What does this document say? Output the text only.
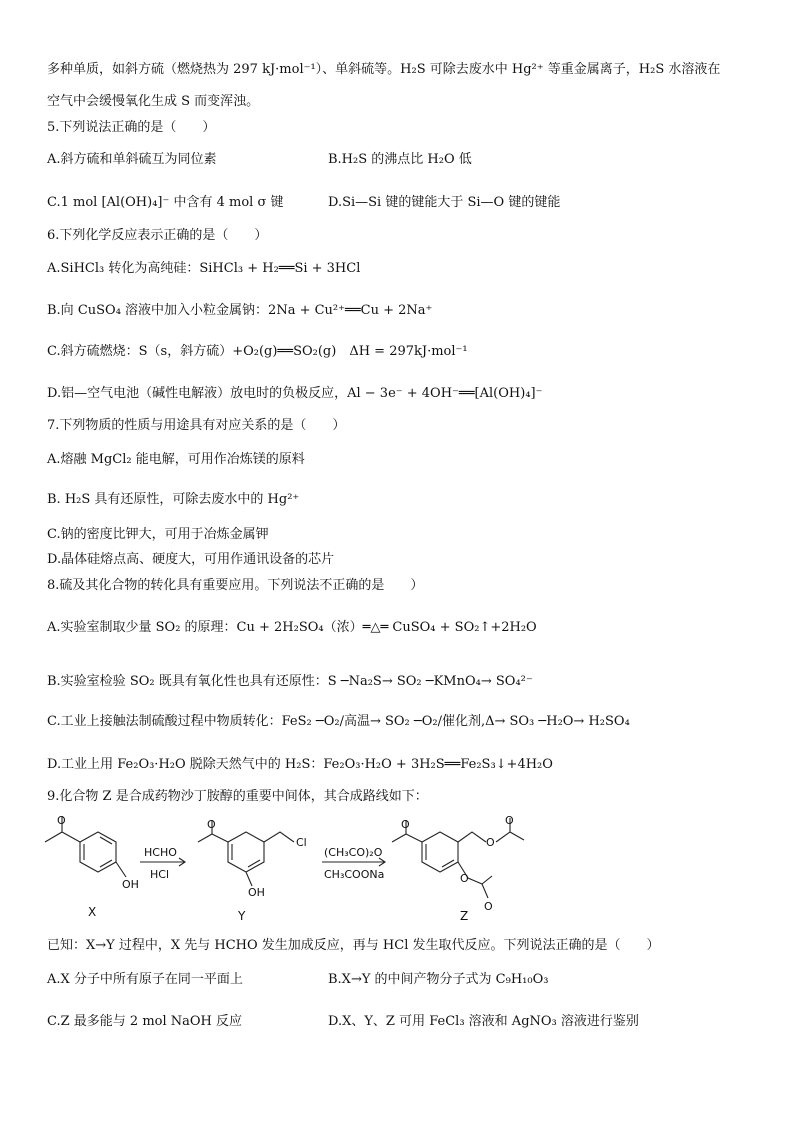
多种单质，如斜方硫（燃烧热为 297 kJ·mol⁻¹）、单斜硫等。H₂S 可除去废水中 Hg²⁺ 等重金属离子，H₂S 水溶液在
空气中会缓慢氧化生成 S 而变浑浊。
5.下列说法正确的是（　　）
A.斜方硫和单斜硫互为同位素	B.H₂S 的沸点比 H₂O 低
C.1 mol [Al(OH)₄]⁻ 中含有 4 mol σ 键	D.Si—Si 键的键能大于 Si—O 键的键能
6.下列化学反应表示正确的是（　　）
A.SiHCl₃ 转化为高纯硅：SiHCl₃ + H₂══Si + 3HCl
B.向 CuSO₄ 溶液中加入小粒金属钠：2Na + Cu²⁺══Cu + 2Na⁺
C.斜方硫燃烧：S（s，斜方硫）+O₂(g)══SO₂(g)　ΔH = 297kJ·mol⁻¹
D.铝—空气电池（碱性电解液）放电时的负极反应，Al − 3e⁻ + 4OH⁻══[Al(OH)₄]⁻
7.下列物质的性质与用途具有对应关系的是（　　）
A.熔融 MgCl₂ 能电解，可用作冶炼镁的原料
B. H₂S 具有还原性，可除去废水中的 Hg²⁺
C.钠的密度比钾大，可用于冶炼金属钾
D.晶体硅熔点高、硬度大，可用作通讯设备的芯片
8.硫及其化合物的转化具有重要应用。下列说法不正确的是　　）
A.实验室制取少量 SO₂ 的原理：Cu + 2H₂SO₄（浓）═△═ CuSO₄ + SO₂↑+2H₂O
B.实验室检验 SO₂ 既具有氧化性也具有还原性：S ─Na₂S→ SO₂ ─KMnO₄→ SO₄²⁻
C.工业上接触法制硫酸过程中物质转化：FeS₂ ─O₂/高温→ SO₂ ─O₂/催化剂,Δ→ SO₃ ─H₂O→ H₂SO₄
D.工业上用 Fe₂O₃·H₂O 脱除天然气中的 H₂S：Fe₂O₃·H₂O + 3H₂S══Fe₂S₃↓+4H₂O
9.化合物 Z 是合成药物沙丁胺醇的重要中间体，其合成路线如下：
O
OH
HCHO
HCl
O
Cl
OH
(CH₃CO)₂O
CH₃COONa
O
O
O
O
O
X	Y	Z
已知：X→Y 过程中，X 先与 HCHO 发生加成反应，再与 HCl 发生取代反应。下列说法正确的是（　　）
A.X 分子中所有原子在同一平面上	B.X→Y 的中间产物分子式为 C₉H₁₀O₃
C.Z 最多能与 2 mol NaOH 反应	D.X、Y、Z 可用 FeCl₃ 溶液和 AgNO₃ 溶液进行鉴别
